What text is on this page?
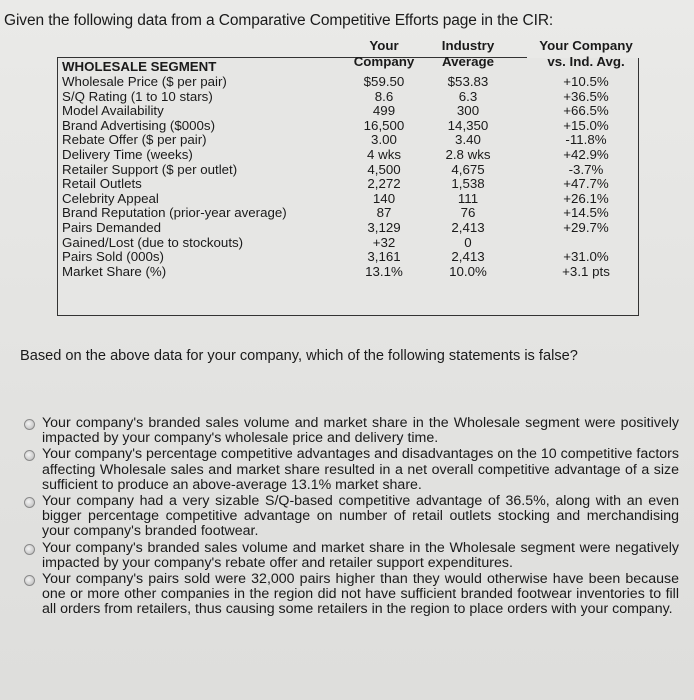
Given the following data from a Comparative Competitive Efforts page in the CIR:
Your
Company
Industry
Average
Your Company
vs. Ind. Avg.
WHOLESALE SEGMENT
Wholesale Price ($ per pair)
S/Q Rating (1 to 10 stars)
Model Availability
Brand Advertising ($000s)
Rebate Offer ($ per pair)
Delivery Time (weeks)
Retailer Support ($ per outlet)
Retail Outlets
Celebrity Appeal
Brand Reputation (prior-year average)
Pairs Demanded
Gained/Lost (due to stockouts)
Pairs Sold (000s)
Market Share (%)
$59.50
8.6
499
16,500
3.00
4 wks
4,500
2,272
140
87
3,129
+32
3,161
13.1%
$53.83
6.3
300
14,350
3.40
2.8 wks
4,675
1,538
111
76
2,413
0
2,413
10.0%
+10.5%
+36.5%
+66.5%
+15.0%
-11.8%
+42.9%
-3.7%
+47.7%
+26.1%
+14.5%
+29.7%
+31.0%
+3.1 pts
Based on the above data for your company, which of the following statements is false?
Your company's branded sales volume and market share in the Wholesale segment were positively impacted by your company's wholesale price and delivery time.
Your company's percentage competitive advantages and disadvantages on the 10 competitive factors affecting Wholesale sales and market share resulted in a net overall competitive advantage of a size sufficient to produce an above-average 13.1% market share.
Your company had a very sizable S/Q-based competitive advantage of 36.5%, along with an even bigger percentage competitive advantage on number of retail outlets stocking and merchandising your company's branded footwear.
Your company's branded sales volume and market share in the Wholesale segment were negatively impacted by your company's rebate offer and retailer support expenditures.
Your company's pairs sold were 32,000 pairs higher than they would otherwise have been because one or more other companies in the region did not have sufficient branded footwear inventories to fill all orders from retailers, thus causing some retailers in the region to place orders with your company.
